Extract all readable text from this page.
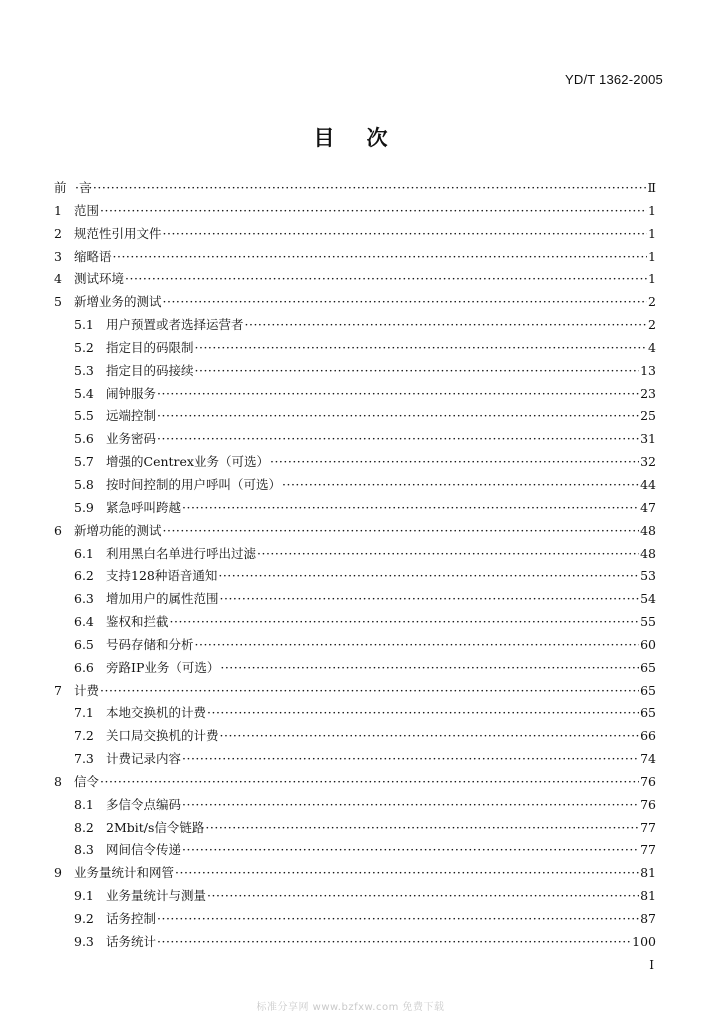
YD/T 1362-2005
目次
前　言 ·····	Ⅱ
1 范围 ·····	1
2 规范性引用文件 ·····	1
3 缩略语 ·····	1
4 测试环境 ·····	1
5 新增业务的测试 ·····	2
5.1 用户预置或者选择运营者 ·····	2
5.2 指定目的码限制 ·····	4
5.3 指定目的码接续 ·····	13
5.4 闹钟服务 ·····	23
5.5 远端控制 ·····	25
5.6 业务密码 ·····	31
5.7 增强的Centrex业务（可选） ·····	32
5.8 按时间控制的用户呼叫（可选） ·····	44
5.9 紧急呼叫跨越 ·····	47
6 新增功能的测试 ·····	48
6.1 利用黑白名单进行呼出过滤 ·····	48
6.2 支持128种语音通知 ·····	53
6.3 增加用户的属性范围 ·····	54
6.4 鉴权和拦截 ·····	55
6.5 号码存储和分析 ·····	60
6.6 旁路IP业务（可选） ·····	65
7 计费 ·····	65
7.1 本地交换机的计费 ·····	65
7.2 关口局交换机的计费 ·····	66
7.3 计费记录内容 ·····	74
8 信令 ·····	76
8.1 多信令点编码 ·····	76
8.2 2Mbit/s信令链路 ·····	77
8.3 网间信令传递 ·····	77
9 业务量统计和网管 ·····	81
9.1 业务量统计与测量 ·····	81
9.2 话务控制 ·····	87
9.3 话务统计 ·····	100
I
标准分享网 www.bzfxw.com 免费下载
